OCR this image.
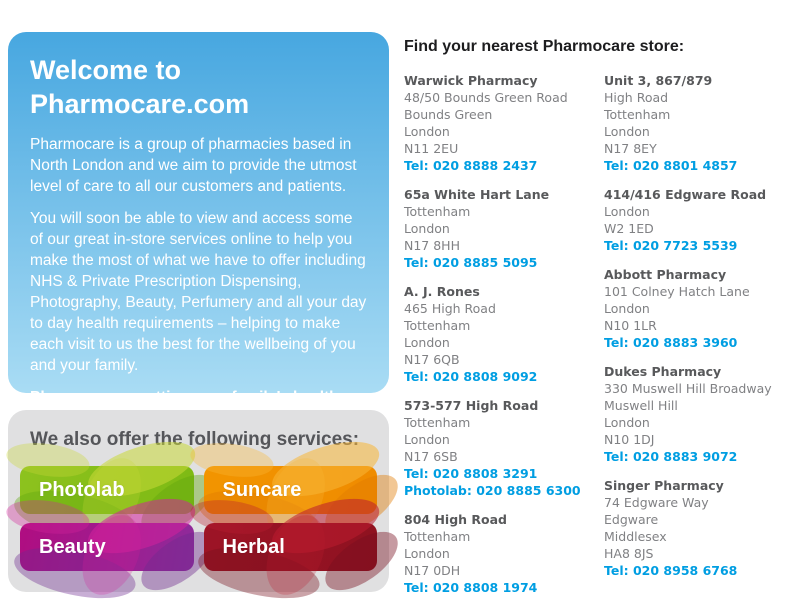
Welcome to
Pharmocare.com

Pharmocare is a group of pharmacies based in North London and we aim to provide the utmost level of care to all our customers and patients.

You will soon be able to view and access some of our great in-store services online to help you make the most of what we have to offer including NHS & Private Prescription Dispensing, Photography, Beauty, Perfumery and all your day to day health requirements – helping to make each visit to us the best for the wellbeing of you and your family.

Pharmocare – putting your family’s health

We also offer the following services:
Photolab	Suncare
Beauty	Herbal
Find your nearest Pharmocare store:
Warwick Pharmacy
48/50 Bounds Green Road
Bounds Green
London
N11 2EU
Tel: 020 8888 2437
65a White Hart Lane
Tottenham
London
N17 8HH
Tel: 020 8885 5095
A. J. Rones
465 High Road
Tottenham
London
N17 6QB
Tel: 020 8808 9092
573-577 High Road
Tottenham
London
N17 6SB
Tel: 020 8808 3291
Photolab: 020 8885 6300
804 High Road
Tottenham
London
N17 0DH
Tel: 020 8808 1974
Unit 3, 867/879
High Road
Tottenham
London
N17 8EY
Tel: 020 8801 4857
414/416 Edgware Road
London
W2 1ED
Tel: 020 7723 5539
Abbott Pharmacy
101 Colney Hatch Lane
London
N10 1LR
Tel: 020 8883 3960
Dukes Pharmacy
330 Muswell Hill Broadway
Muswell Hill
London
N10 1DJ
Tel: 020 8883 9072
Singer Pharmacy
74 Edgware Way
Edgware
Middlesex
HA8 8JS
Tel: 020 8958 6768
